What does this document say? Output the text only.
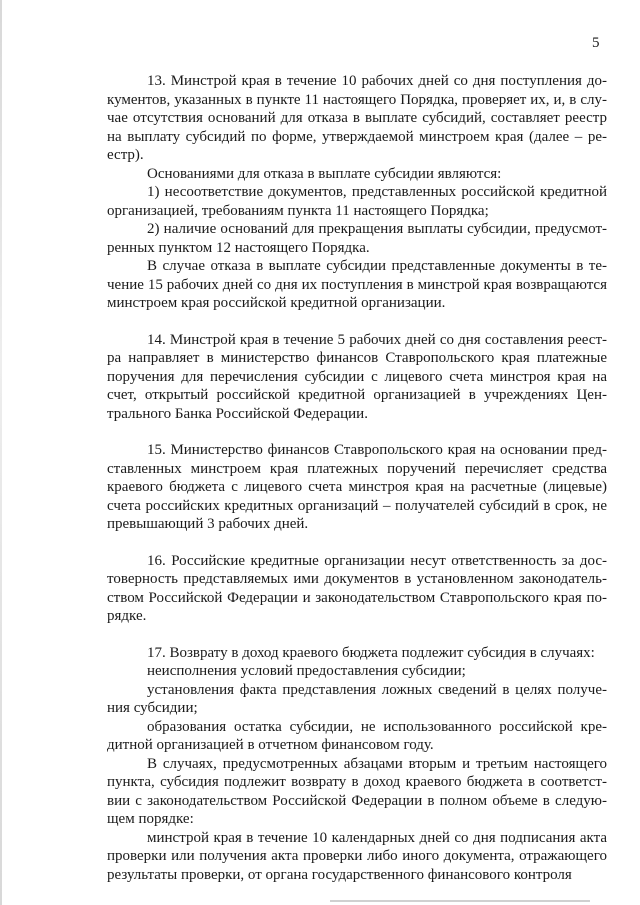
5

13. Минстрой края в течение 10 рабочих дней со дня поступления документов, указанных в пункте 11 настоящего Порядка, проверяет их, и, в случае отсутствия оснований для отказа в выплате субсидий, составляет реестр на выплату субсидий по форме, утверждаемой минстроем края (далее – реестр).

Основаниями для отказа в выплате субсидии являются:

1) несоответствие документов, представленных российской кредитной организацией, требованиям пункта 11 настоящего Порядка;

2) наличие оснований для прекращения выплаты субсидии, предусмотренных пунктом 12 настоящего Порядка.

В случае отказа в выплате субсидии представленные документы в течение 15 рабочих дней со дня их поступления в минстрой края возвращаются минстроем края российской кредитной организации.

14. Минстрой края в течение 5 рабочих дней со дня составления реестра направляет в министерство финансов Ставропольского края платежные поручения для перечисления субсидии с лицевого счета минстроя края на счет, открытый российской кредитной организацией в учреждениях Центрального Банка Российской Федерации.

15. Министерство финансов Ставропольского края на основании представленных минстроем края платежных поручений перечисляет средства краевого бюджета с лицевого счета минстроя края на расчетные (лицевые) счета российских кредитных организаций – получателей субсидий в срок, не превышающий 3 рабочих дней.

16. Российские кредитные организации несут ответственность за достоверность представляемых ими документов в установленном законодательством Российской Федерации и законодательством Ставропольского края порядке.

17. Возврату в доход краевого бюджета подлежит субсидия в случаях:

неисполнения условий предоставления субсидии;

установления факта представления ложных сведений в целях получения субсидии;

образования остатка субсидии, не использованного российской кредитной организацией в отчетном финансовом году.

В случаях, предусмотренных абзацами вторым и третьим настоящего пункта, субсидия подлежит возврату в доход краевого бюджета в соответствии с законодательством Российской Федерации в полном объеме в следующем порядке:

минстрой края в течение 10 календарных дней со дня подписания акта проверки или получения акта проверки либо иного документа, отражающего результаты проверки, от органа государственного финансового контроля
